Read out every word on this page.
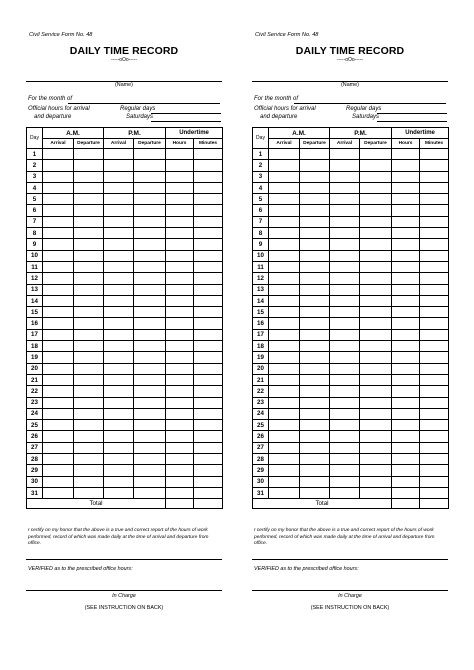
Civil Service Form No. 48
DAILY TIME RECORD
-----oOo-----
(Name)
For the month of
Official hours for arrival
and departure
Regular days
Saturdays
Day	A.M.		P.M.		Undertime	
	Arrival	Departure	Arrival	Departure	Hours	Minutes
1						
2						
3						
4						
5						
6						
7						
8						
9						
10						
11						
12						
13						
14						
15						
16						
17						
18						
19						
20						
21						
22						
23						
24						
25						
26						
27						
28						
29						
30						
31						
Total						
I certify on my honor that the above is a true and correct report of the hours of work performed, record of which was made daily at the time of arrival and departure from office.
VERIFIED as to the prescribed office hours:
In Charge
(SEE INSTRUCTION ON BACK)
Civil Service Form No. 48
DAILY TIME RECORD
-----oOo-----
(Name)
For the month of
Official hours for arrival
and departure
Regular days
Saturdays
Day	A.M.		P.M.		Undertime	
	Arrival	Departure	Arrival	Departure	Hours	Minutes
1						
2						
3						
4						
5						
6						
7						
8						
9						
10						
11						
12						
13						
14						
15						
16						
17						
18						
19						
20						
21						
22						
23						
24						
25						
26						
27						
28						
29						
30						
31						
Total						
I certify on my honor that the above is a true and correct report of the hours of work performed, record of which was made daily at the time of arrival and departure from office.
VERIFIED as to the prescribed office hours:
In Charge
(SEE INSTRUCTION ON BACK)
